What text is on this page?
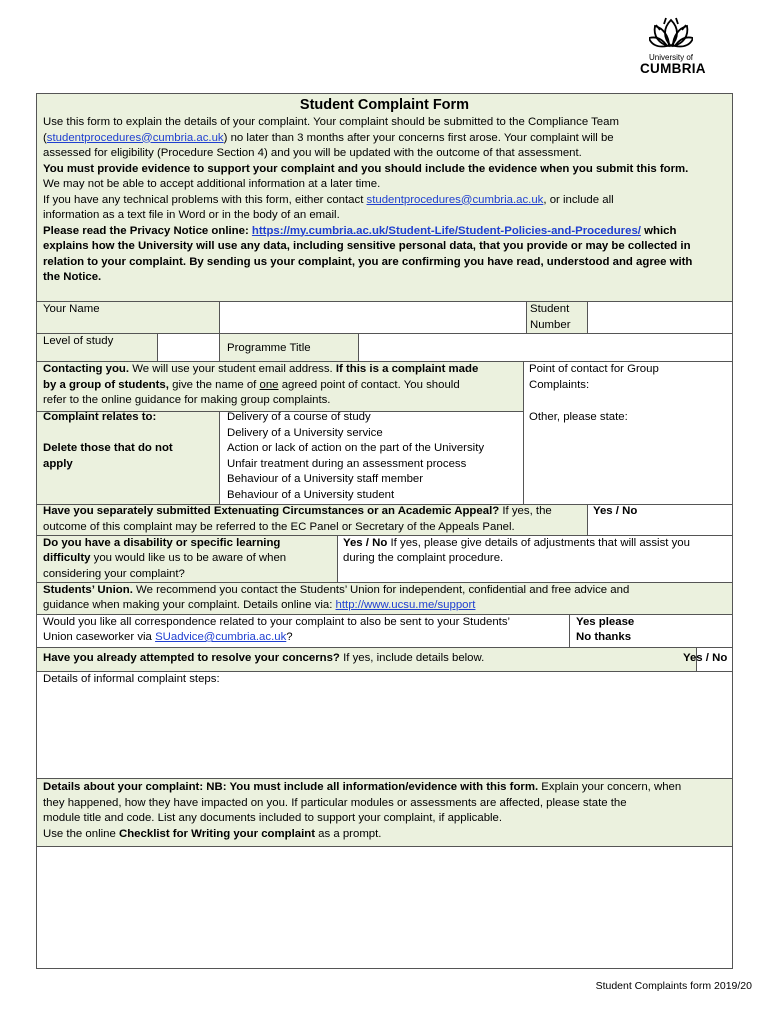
University of
CUMBRIA
Student Complaint Form
Use this form to explain the details of your complaint. Your complaint should be submitted to the Compliance Team
(studentprocedures@cumbria.ac.uk) no later than 3 months after your concerns first arose. Your complaint will be
assessed for eligibility (Procedure Section 4) and you will be updated with the outcome of that assessment.
You must provide evidence to support your complaint and you should include the evidence when you submit this form.
We may not be able to accept additional information at a later time.
If you have any technical problems with this form, either contact studentprocedures@cumbria.ac.uk, or include all
information as a text file in Word or in the body of an email.
Please read the Privacy Notice online: https://my.cumbria.ac.uk/Student-Life/Student-Policies-and-Procedures/ which
explains how the University will use any data, including sensitive personal data, that you provide or may be collected in
relation to your complaint. By sending us your complaint, you are confirming you have read, understood and agree with
the Notice.
Your Name	Student
Number
Level of study
Programme Title
Contacting you. We will use your student email address. If this is a complaint made
by a group of students, give the name of one agreed point of contact. You should
refer to the online guidance for making group complaints.
Point of contact for Group
Complaints:
Complaint relates to:
Delete those that do not
apply
Delivery of a course of study
Delivery of a University service
Action or lack of action on the part of the University
Unfair treatment during an assessment process
Behaviour of a University staff member
Behaviour of a University student
Other, please state:
Have you separately submitted Extenuating Circumstances or an Academic Appeal? If yes, the
outcome of this complaint may be referred to the EC Panel or Secretary of the Appeals Panel.
Yes / No
Do you have a disability or specific learning
difficulty you would like us to be aware of when
considering your complaint?
Yes / No If yes, please give details of adjustments that will assist you
during the complaint procedure.
Students’ Union. We recommend you contact the Students’ Union for independent, confidential and free advice and
guidance when making your complaint. Details online via: http://www.ucsu.me/support
Would you like all correspondence related to your complaint to also be sent to your Students’
Union caseworker via SUadvice@cumbria.ac.uk?
Yes please
No thanks
Have you already attempted to resolve your concerns? If yes, include details below.	Yes / No
Details of informal complaint steps:
Details about your complaint: NB: You must include all information/evidence with this form. Explain your concern, when
they happened, how they have impacted on you. If particular modules or assessments are affected, please state the
module title and code. List any documents included to support your complaint, if applicable.
Use the online Checklist for Writing your complaint as a prompt.
Student Complaints form 2019/20
